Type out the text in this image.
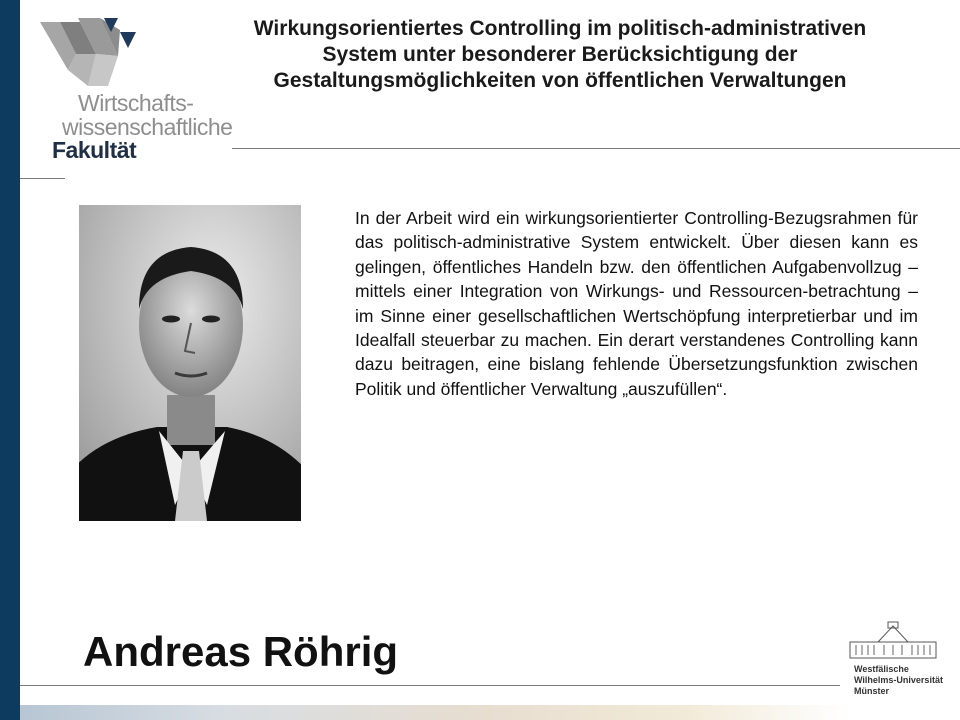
Wirtschafts-
wissenschaftliche
Fakultät
Wirkungsorientiertes Controlling im politisch-administrativen System unter besonderer Berücksichtigung der Gestaltungsmöglichkeiten von öffentlichen Verwaltungen
In der Arbeit wird ein wirkungsorientierter Controlling-Bezugsrahmen für das politisch-administrative System entwickelt. Über diesen kann es gelingen, öffentliches Handeln bzw. den öffentlichen Aufgabenvollzug – mittels einer Integration von Wirkungs- und Ressourcen-betrachtung – im Sinne einer gesellschaftlichen Wertschöpfung interpretierbar und im Idealfall steuerbar zu machen. Ein derart verstandenes Controlling kann dazu beitragen, eine bislang fehlende Übersetzungsfunktion zwischen Politik und öffentlicher Verwaltung „auszufüllen“.
Andreas Röhrig	Westfälische
Wilhelms-Universität
Münster
